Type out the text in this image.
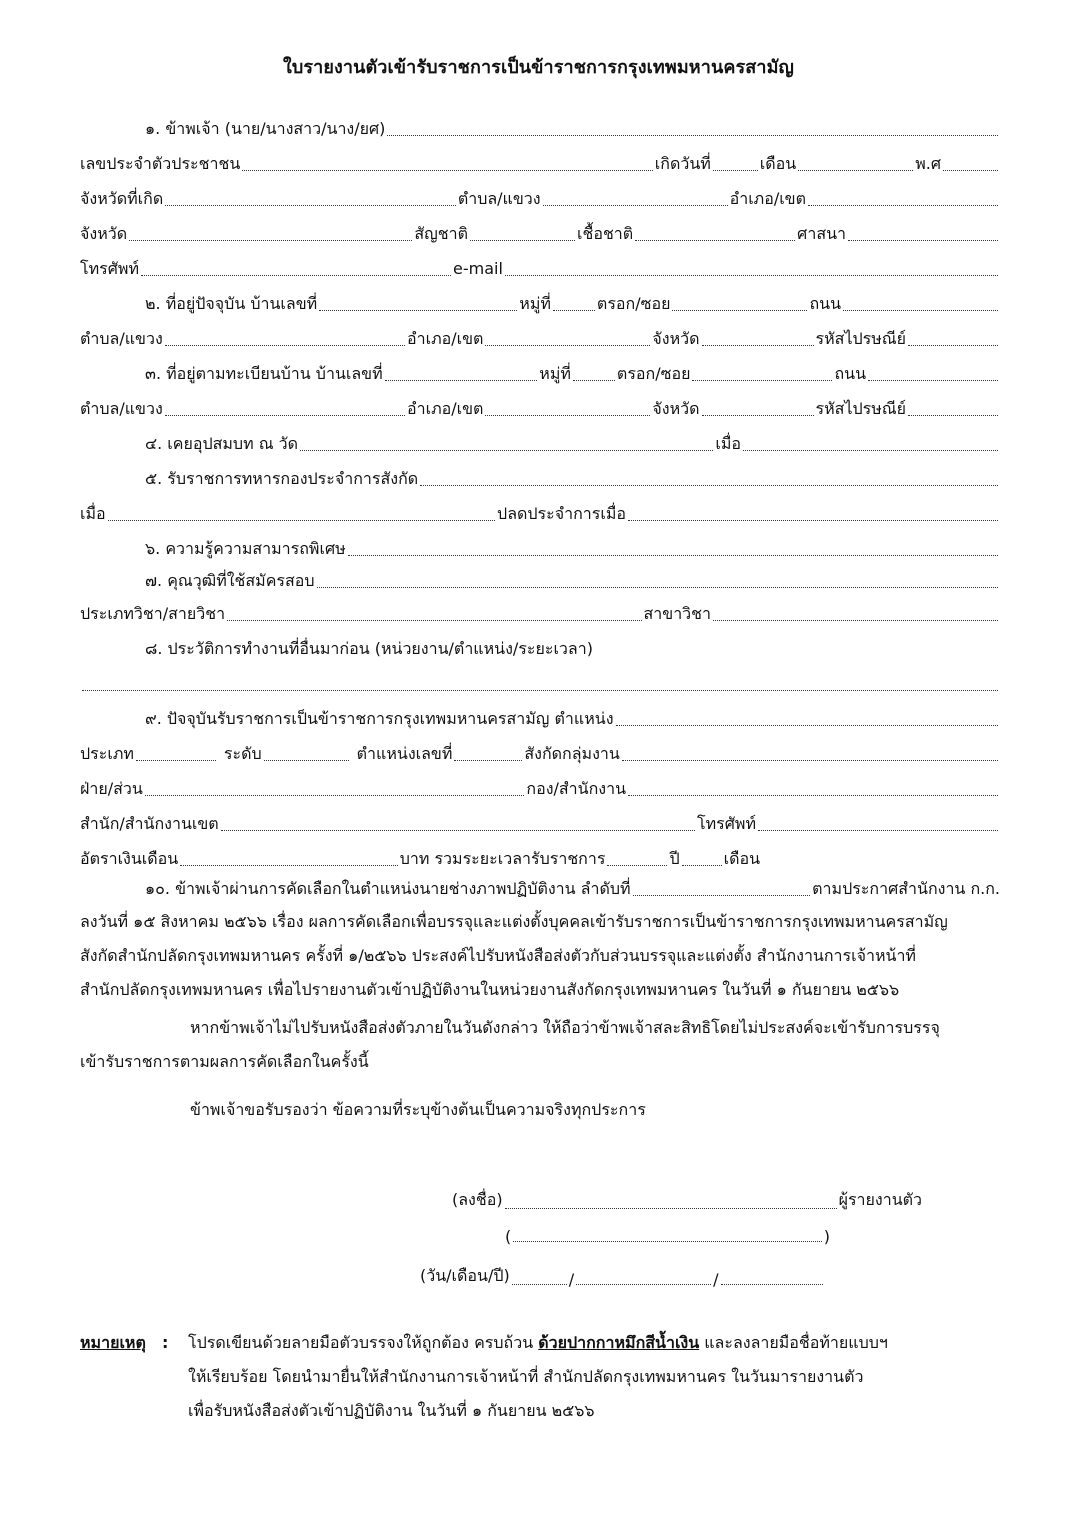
ใบรายงานตัวเข้ารับราชการเป็นข้าราชการกรุงเทพมหานครสามัญ
๑. ข้าพเจ้า (นาย/นางสาว/นาง/ยศ)
เลขประจำตัวประชาชน	เกิดวันที่	เดือน	พ.ศ
จังหวัดที่เกิด	ตำบล/แขวง	อำเภอ/เขต
จังหวัด	สัญชาติ	เชื้อชาติ	ศาสนา
โทรศัพท์	e-mail
๒. ที่อยู่ปัจจุบัน บ้านเลขที่	หมู่ที่	ตรอก/ซอย	ถนน
ตำบล/แขวง	อำเภอ/เขต	จังหวัด	รหัสไปรษณีย์
๓. ที่อยู่ตามทะเบียนบ้าน บ้านเลขที่	หมู่ที่	ตรอก/ซอย	ถนน
ตำบล/แขวง	อำเภอ/เขต	จังหวัด	รหัสไปรษณีย์
๔. เคยอุปสมบท ณ วัด	เมื่อ
๕. รับราชการทหารกองประจำการสังกัด
เมื่อ	ปลดประจำการเมื่อ
๖. ความรู้ความสามารถพิเศษ
๗. คุณวุฒิที่ใช้สมัครสอบ
ประเภทวิชา/สายวิชา	สาขาวิชา
๘. ประวัติการทำงานที่อื่นมาก่อน (หน่วยงาน/ตำแหน่ง/ระยะเวลา)
๙. ปัจจุบันรับราชการเป็นข้าราชการกรุงเทพมหานครสามัญ ตำแหน่ง
ประเภท	ระดับ	ตำแหน่งเลขที่	สังกัดกลุ่มงาน
ฝ่าย/ส่วน	กอง/สำนักงาน
สำนัก/สำนักงานเขต	โทรศัพท์
อัตราเงินเดือน	บาท รวมระยะเวลารับราชการ	ปี	เดือน
๑๐. ข้าพเจ้าผ่านการคัดเลือกในตำแหน่งนายช่างภาพปฏิบัติงาน ลำดับที่	ตามประกาศสำนักงาน ก.ก.
ลงวันที่ ๑๕ สิงหาคม ๒๕๖๖ เรื่อง ผลการคัดเลือกเพื่อบรรจุและแต่งตั้งบุคคลเข้ารับราชการเป็นข้าราชการกรุงเทพมหานครสามัญ
สังกัดสำนักปลัดกรุงเทพมหานคร ครั้งที่ ๑/๒๕๖๖ ประสงค์ไปรับหนังสือส่งตัวกับส่วนบรรจุและแต่งตั้ง สำนักงานการเจ้าหน้าที่
สำนักปลัดกรุงเทพมหานคร เพื่อไปรายงานตัวเข้าปฏิบัติงานในหน่วยงานสังกัดกรุงเทพมหานคร ในวันที่ ๑ กันยายน ๒๕๖๖
หากข้าพเจ้าไม่ไปรับหนังสือส่งตัวภายในวันดังกล่าว ให้ถือว่าข้าพเจ้าสละสิทธิโดยไม่ประสงค์จะเข้ารับการบรรจุ
เข้ารับราชการตามผลการคัดเลือกในครั้งนี้
ข้าพเจ้าขอรับรองว่า ข้อความที่ระบุข้างต้นเป็นความจริงทุกประการ
(ลงชื่อ)	ผู้รายงานตัว
(	)
(วัน/เดือน/ปี)	/	/
หมายเหตุ : โปรดเขียนด้วยลายมือตัวบรรจงให้ถูกต้อง ครบถ้วน ด้วยปากกาหมึกสีน้ำเงิน และลงลายมือชื่อท้ายแบบฯ
ให้เรียบร้อย โดยนำมายื่นให้สำนักงานการเจ้าหน้าที่ สำนักปลัดกรุงเทพมหานคร ในวันมารายงานตัว
เพื่อรับหนังสือส่งตัวเข้าปฏิบัติงาน ในวันที่ ๑ กันยายน ๒๕๖๖
